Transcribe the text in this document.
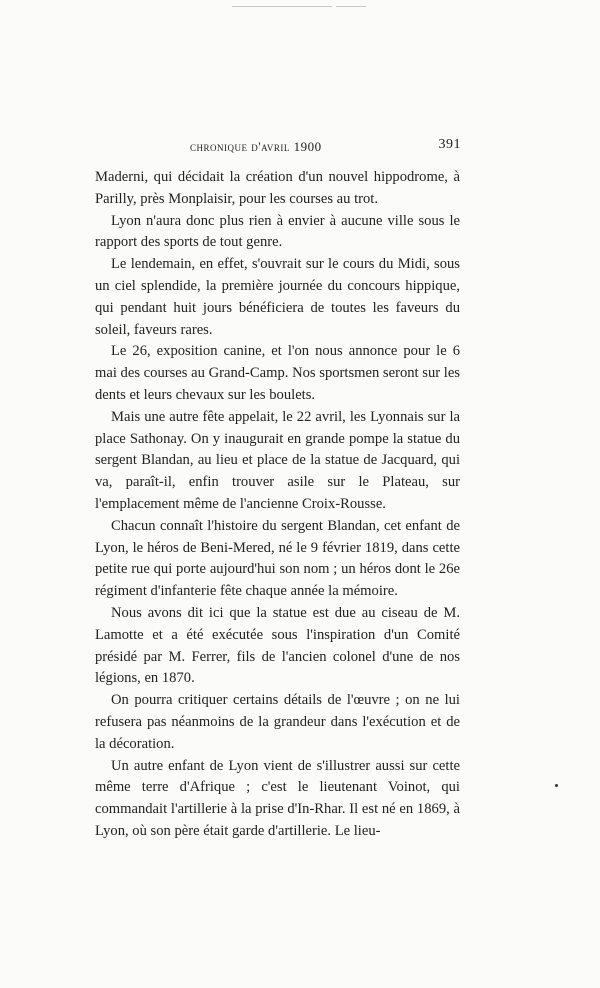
chronique d'avril 1900	391

Maderni, qui décidait la création d'un nouvel hippodrome, à Parilly, près Monplaisir, pour les courses au trot.

Lyon n'aura donc plus rien à envier à aucune ville sous le rapport des sports de tout genre.

Le lendemain, en effet, s'ouvrait sur le cours du Midi, sous un ciel splendide, la première journée du concours hippique, qui pendant huit jours bénéficiera de toutes les faveurs du soleil, faveurs rares.

Le 26, exposition canine, et l'on nous annonce pour le 6 mai des courses au Grand-Camp. Nos sportsmen seront sur les dents et leurs chevaux sur les boulets.

Mais une autre fête appelait, le 22 avril, les Lyonnais sur la place Sathonay. On y inaugurait en grande pompe la statue du sergent Blandan, au lieu et place de la statue de Jacquard, qui va, paraît-il, enfin trouver asile sur le Plateau, sur l'emplacement même de l'ancienne Croix-Rousse.

Chacun connaît l'histoire du sergent Blandan, cet enfant de Lyon, le héros de Beni-Mered, né le 9 février 1819, dans cette petite rue qui porte aujourd'hui son nom ; un héros dont le 26e régiment d'infanterie fête chaque année la mémoire.

Nous avons dit ici que la statue est due au ciseau de M. Lamotte et a été exécutée sous l'inspiration d'un Comité présidé par M. Ferrer, fils de l'ancien colonel d'une de nos légions, en 1870.

On pourra critiquer certains détails de l'œuvre ; on ne lui refusera pas néanmoins de la grandeur dans l'exécution et de la décoration.

Un autre enfant de Lyon vient de s'illustrer aussi sur cette même terre d'Afrique ; c'est le lieutenant Voinot, qui commandait l'artillerie à la prise d'In-Rhar. Il est né en 1869, à Lyon, où son père était garde d'artillerie. Le lieu-
